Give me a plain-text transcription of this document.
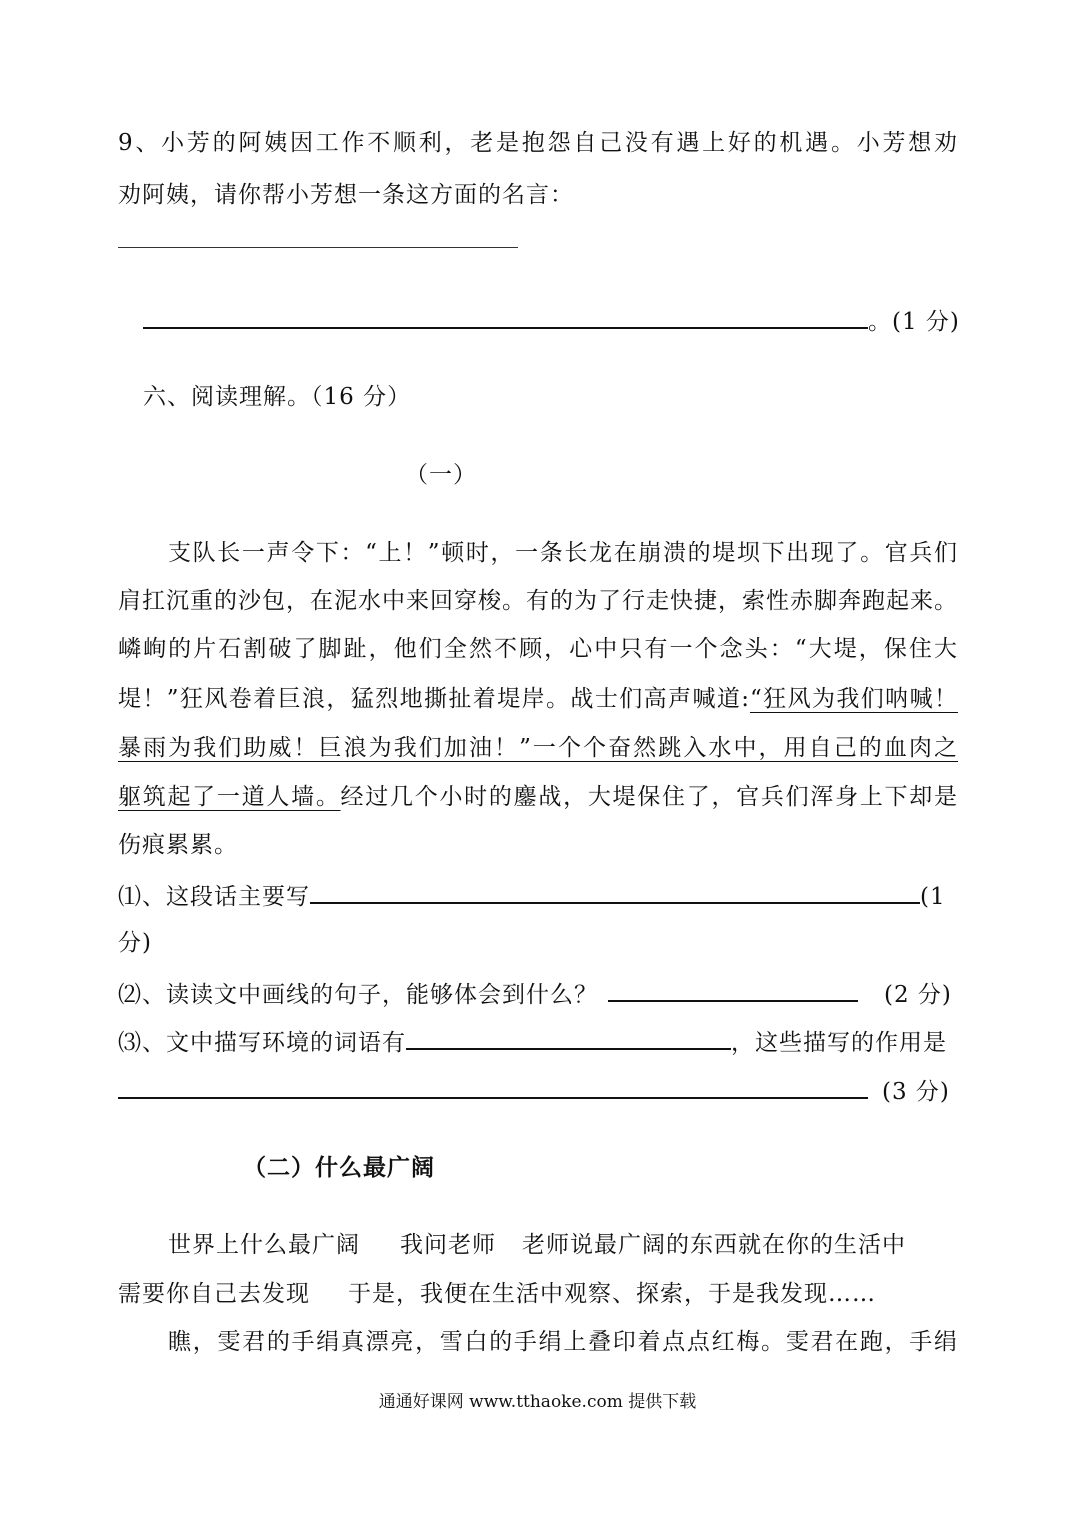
9、小芳的阿姨因工作不顺利，老是抱怨自己没有遇上好的机遇。小芳想劝
劝阿姨，请你帮小芳想一条这方面的名言：
。(1 分)
六、阅读理解。（16 分）
（一）
支队长一声令下：“上！”顿时，一条长龙在崩溃的堤坝下出现了。官兵们
肩扛沉重的沙包，在泥水中来回穿梭。有的为了行走快捷，索性赤脚奔跑起来。
嶙峋的片石割破了脚趾，他们全然不顾，心中只有一个念头：“大堤，保住大
堤！”狂风卷着巨浪，猛烈地撕扯着堤岸。战士们高声喊道:“狂风为我们呐喊！
暴雨为我们助威！巨浪为我们加油！”一个个奋然跳入水中，用自己的血肉之
躯筑起了一道人墙。经过几个小时的鏖战，大堤保住了，官兵们浑身上下却是
伤痕累累。
⑴、这段话主要写	(1
分)
⑵、读读文中画线的句子，能够体会到什么？	(2 分)
⑶、文中描写环境的词语有	，这些描写的作用是
(3 分)
（二）什么最广阔
世界上什么最广阔 我问老师 老师说最广阔的东西就在你的生活中
需要你自己去发现 于是，我便在生活中观察、探索，于是我发现……
瞧，雯君的手绢真漂亮，雪白的手绢上叠印着点点红梅。雯君在跑，手绢
通通好课网 www.tthaoke.com 提供下载
